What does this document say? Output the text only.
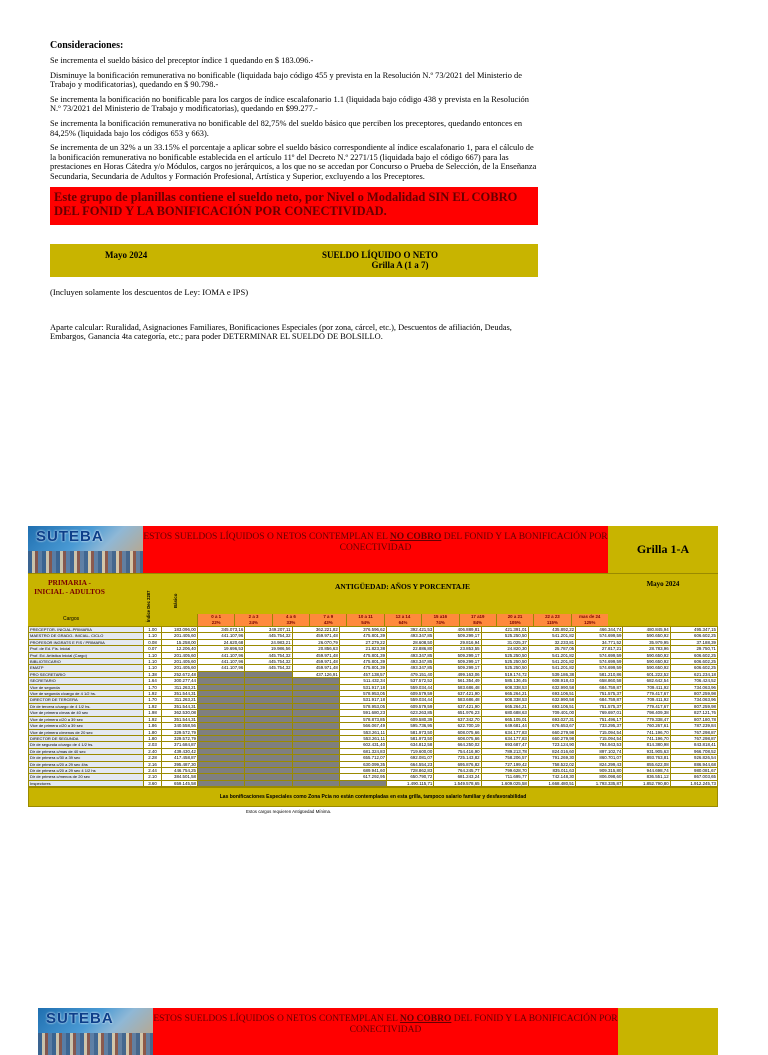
Consideraciones:

Se incrementa el sueldo básico del preceptor índice 1 quedando en $ 183.096.-

Disminuye la bonificación remunerativa no bonificable (liquidada bajo código 455 y prevista en la Resolución N.º 73/2021 del Ministerio de Trabajo y modificatorias), quedando en $ 90.798.-

Se incrementa la bonificación no bonificable para los cargos de índice escalafonario 1.1 (liquidada bajo código 438 y prevista en la Resolución N.º 73/2021 del Ministerio de Trabajo y modificatorias), quedando en $99.277.-

Se incrementa la bonificación remunerativa no bonificable del 82,75% del sueldo básico que perciben los preceptores, quedando entonces en 84,25% (liquidada bajo los códigos 653 y 663).

Se incrementa de un 32% a un 33.15% el porcentaje a aplicar sobre el sueldo básico correspondiente al índice escalafonario 1, para el cálculo de la bonificación remunerativa no bonificable establecida en el artículo 11º del Decreto N.º 2271/15 (liquidada bajo el código 667) para las prestaciones en Horas Cátedra y/o Módulos, cargos no jerárquicos, a los que no se accedan por Concurso o Prueba de Selección, de la Enseñanza Secundaria, Secundaria de Adultos y Formación Profesional, Artística y Superior, excluyendo a los Preceptores.

Este grupo de planillas contiene el sueldo neto, por Nivel o Modalidad SIN EL COBRO DEL FONID Y LA BONIFICACIÓN POR CONECTIVIDAD.
Mayo 2024	SUELDO LÍQUIDO O NETO
Grilla A (1 a 7)
(Incluyen solamente los descuentos de Ley: IOMA e IPS)
Aparte calcular: Ruralidad, Asignaciones Familiares, Bonificaciones Especiales (por zona, cárcel, etc.), Descuentos de afiliación, Deudas, Embargos, Ganancia 4ta categoría, etc.; para poder DETERMINAR EL SUELDO DE BOLSILLO.
SUTEBA	ESTOS SUELDOS LÍQUIDOS O NETOS CONTEMPLAN EL NO COBRO DEL FONID Y LA BONIFICACIÓN POR CONECTIVIDAD	Grilla 1-A
PRIMARIA - INICIAL - ADULTOS
Cargos	Índice Dec 2287	Básico
ANTIGÜEDAD: AÑOS Y PORCENTAJE
0 a 1
22%
2 a 3
24%
4 a 6
33%
7 a 9
43%
10 a 11
54%
12 a 14
64%
15 a16
74%
17 a19
84%
20 a 21
105%
22 a 23
115%
mas de 24
125%
Mayo 2024
PRECEPTOR- INICIAL-PRIMARIA	1.00	183.096,00	345.073,16	349.207,11	362.221,82	376.596,62	392.421,53	406.889,81	421.391,01	435.892,22	466.344,74	480.845,94	495.347,15
MAESTRO DE GRADO- INICIAL- CICLO	1.10	201.405,60	441.107,96	445.754,32	459.971,48	475.801,39	493.347,85	509.299,17	525.250,50	541.201,82	574.699,59	590.650,92	606.602,25
PROFESOR INGRATS E FIS / PRIMARIA	0.08	15.258,00	24.620,68	24.983,21	26.070,79	27.279,22	28.608,50	29.816,94	31.025,37	32.233,81	34.771,52	35.979,95	37.188,39
Prof. de Ed. Fís. Inicial	0.07	12.206,40	19.696,53	19.986,56	20.856,63	21.823,38	22.886,80	23.853,55	24.820,30	25.787,05	27.817,21	28.783,96	29.750,71
Prof. Ed. Artística Inicial (Cargo)	1.10	201.405,60	441.107,96	445.754,32	459.971,48	475.801,39	493.347,85	509.299,17	525.250,50	541.201,82	574.699,59	590.650,92	606.602,25
BIBLIOTECARIO	1.10	201.405,60	441.107,96	445.754,32	459.971,48	475.801,39	493.347,85	509.299,17	525.250,50	541.201,82	574.699,59	590.650,92	606.602,25
EMATP	1.10	201.405,60	441.107,96	445.754,32	459.971,48	475.801,39	493.347,85	509.299,17	525.250,50	541.201,82	574.699,59	590.650,92	606.602,25
PRO SECRETARIO	1.38	252.672,48			437.126,91	457.138,57	479.151,40	499.163,06	519.174,72	539.186,38	581.210,86	601.222,52	621.234,18
SECRETARIO	1.64	300.277,44				511.432,34	537.572,52	561.354,49	585.136,45	608.918,43	658.860,58	682.642,54	706.424,52
Vice de segunda	1.70	311.263,21				531.917,18	559.034,44	583.686,48	608.338,53	632.990,58	684.759,87	709.411,92	734.063,96
Vice de segunda c/cargo de 4 1/2 hs.	1.92	351.544,31				578.953,05	609.579,59	637.421,90	665.264,21	693.106,51	751.575,37	779.417,67	807.259,98
DIRECTOR DE TERCERA	1.70	311.263,21				531.917,18	559.034,44	583.686,48	608.338,53	632.990,58	684.759,87	709.411,92	734.063,96
Dir de tercera c/cargo de 4 1/2 hs.	1.92	351.544,31				578.953,05	609.579,59	637.421,90	665.264,21	693.106,51	751.575,37	779.417,67	807.259,98
Vice de primera c/mas de 40 sec	1.98	362.530,08				591.680,23	623.263,85	651.976,23	680.688,63	709.401,00	769.697,01	798.409,38	827.121,76
Vice de primera c/20 a 39 sec	1.92	351.544,31				578.873,85	609.580,39	637.342,70	665.105,01	693.027,31	751.496,17	779.338,47	807.180,78
Vice de primera c/20 a 39 sec	1.86	340.558,56				566.067,49	595.736,95	622.700,19	649.681,44	676.653,67	733.295,37	760.267,61	787.239,84
Vice de primera c/menos de 20 sec	1.80	329.572,79				553.261,11	581.973,50	608.075,66	634.177,83	660.279,98	715.094,54	741.196,70	767.298,87
DIRECTOR DE SEGUNDA	1.80	329.572,79				553.261,11	581.973,50	608.075,66	634.177,83	660.279,98	715.094,54	741.196,70	767.298,87
Dir de segunda c/cargo de 4 1/2 hs.	2.03	371.684,87				602.431,40	634.812,58	664.250,02	693.687,47	723.124,90	784.943,53	814.380,98	843.818,41
Dir de primera c/mas de 40 sec	2.40	439.430,42				681.324,83	719.600,00	754.416,90	789.213,78	824.016,60	897.102,74	931.905,63	966.708,52
Dir de primera c/30 a 39 sec	2.28	417.458,87				655.712,07	692.081,07	725.143,82	758.206,57	791.269,30	860.701,07	893.763,81	926.826,54
Dir de primera c/20 a 29 sec 4hs	2.16	395.487,30				630.099,35	664.554,23	695.876,82	727.199,42	758.522,02	824.299,43	855.622,08	886.944,68
Dir de primera c/20 a 29 sec 4 1/2 hs	2.44	446.754,25				689.941,60	728.862,83	764.245,77	799.628,70	835.011,63	909.315,80	944.698,74	980.081,67
Dir de primera c/menos de 20 sec	2.10	384.501,58				617.292,95	650.790,72	681.243,24	711.695,77	742.148,30	806.098,60	836.551,12	867.003,65
Inspectores	3.60	659.145,58					1.490.115,71	1.549.578,65	1.609.025,58	1.668.480,51	1.793.335,87	1.852.790,80	1.912.245,73
Las bonificaciones Especiales como Zona Pcia no están contempladas en esta grilla, tampoco salario familiar y desfavorabilidad
Estos cargos requieren Antigüedad Mínima.
SUTEBA	ESTOS SUELDOS LÍQUIDOS O NETOS CONTEMPLAN EL NO COBRO DEL FONID Y LA BONIFICACIÓN POR CONECTIVIDAD
